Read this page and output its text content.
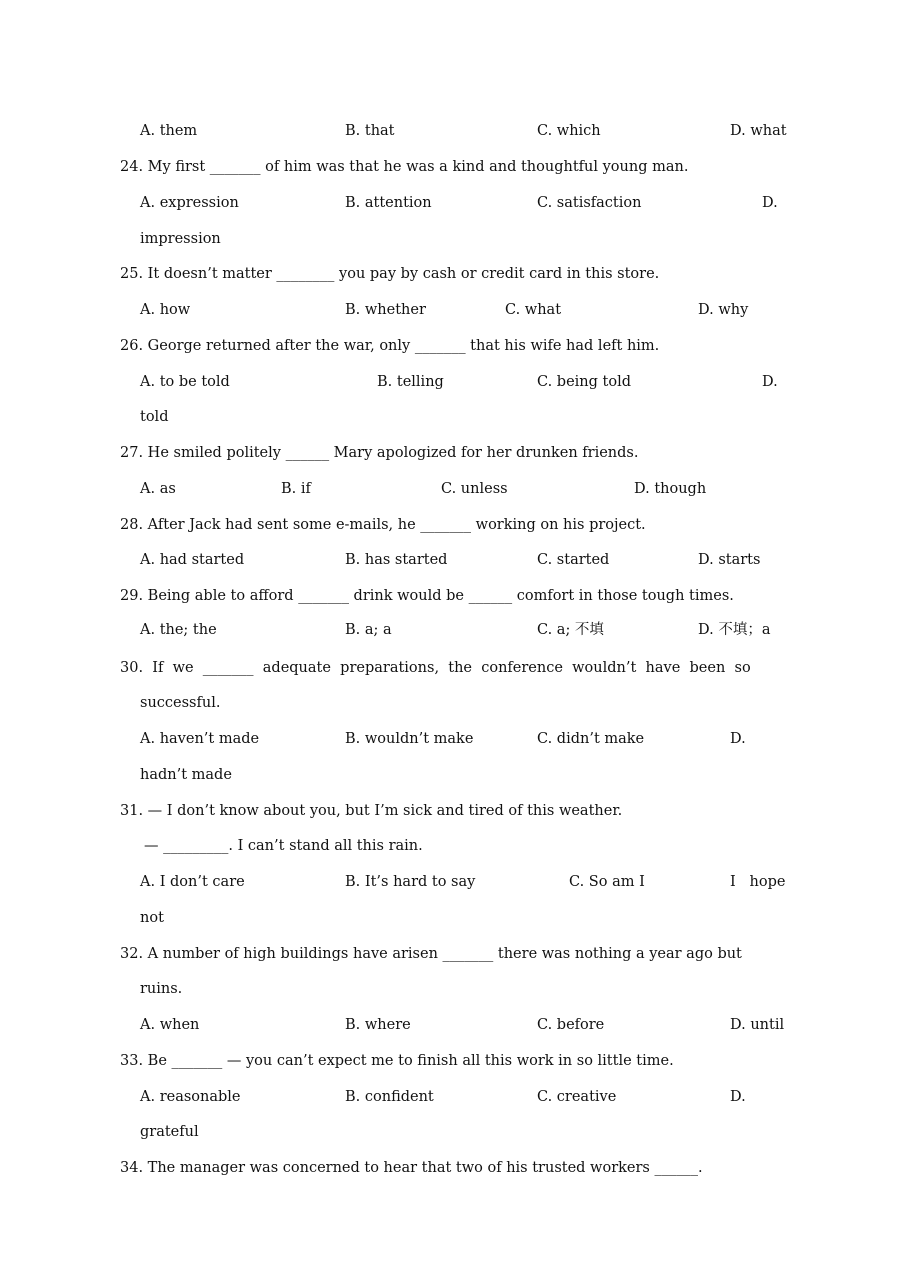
A. them	B. that	C. which	D. what
24. My first _______ of him was that he was a kind and thoughtful young man.
A. expression	B. attention	C. satisfaction	D.
impression
25. It doesn’t matter ________ you pay by cash or credit card in this store.
A. how	B. whether	C. what	D. why
26. George returned after the war, only _______ that his wife had left him.
A. to be told	B. telling	C. being told	D.
told
27. He smiled politely ______ Mary apologized for her drunken friends.
A. as	B. if	C. unless	D. though
28. After Jack had sent some e-mails, he _______ working on his project.
A. had started	B. has started	C. started	D. starts
29. Being able to afford _______ drink would be ______ comfort in those tough times.
A. the; the	B. a; a	C. a; 不填	D. 不填；a
30.  If  we  _______  adequate  preparations,  the  conference  wouldn’t  have  been  so
successful.
A. haven’t made	B. wouldn’t make	C. didn’t make	D.
hadn’t made
31. — I don’t know about you, but I’m sick and tired of this weather.
— _________. I can’t stand all this rain.
A. I don’t care	B. It’s hard to say	C. So am I	I   hope
not
32. A number of high buildings have arisen _______ there was nothing a year ago but
ruins.
A. when	B. where	C. before	D. until
33. Be _______ — you can’t expect me to finish all this work in so little time.
A. reasonable	B. confident	C. creative	D.
grateful
34. The manager was concerned to hear that two of his trusted workers ______.
